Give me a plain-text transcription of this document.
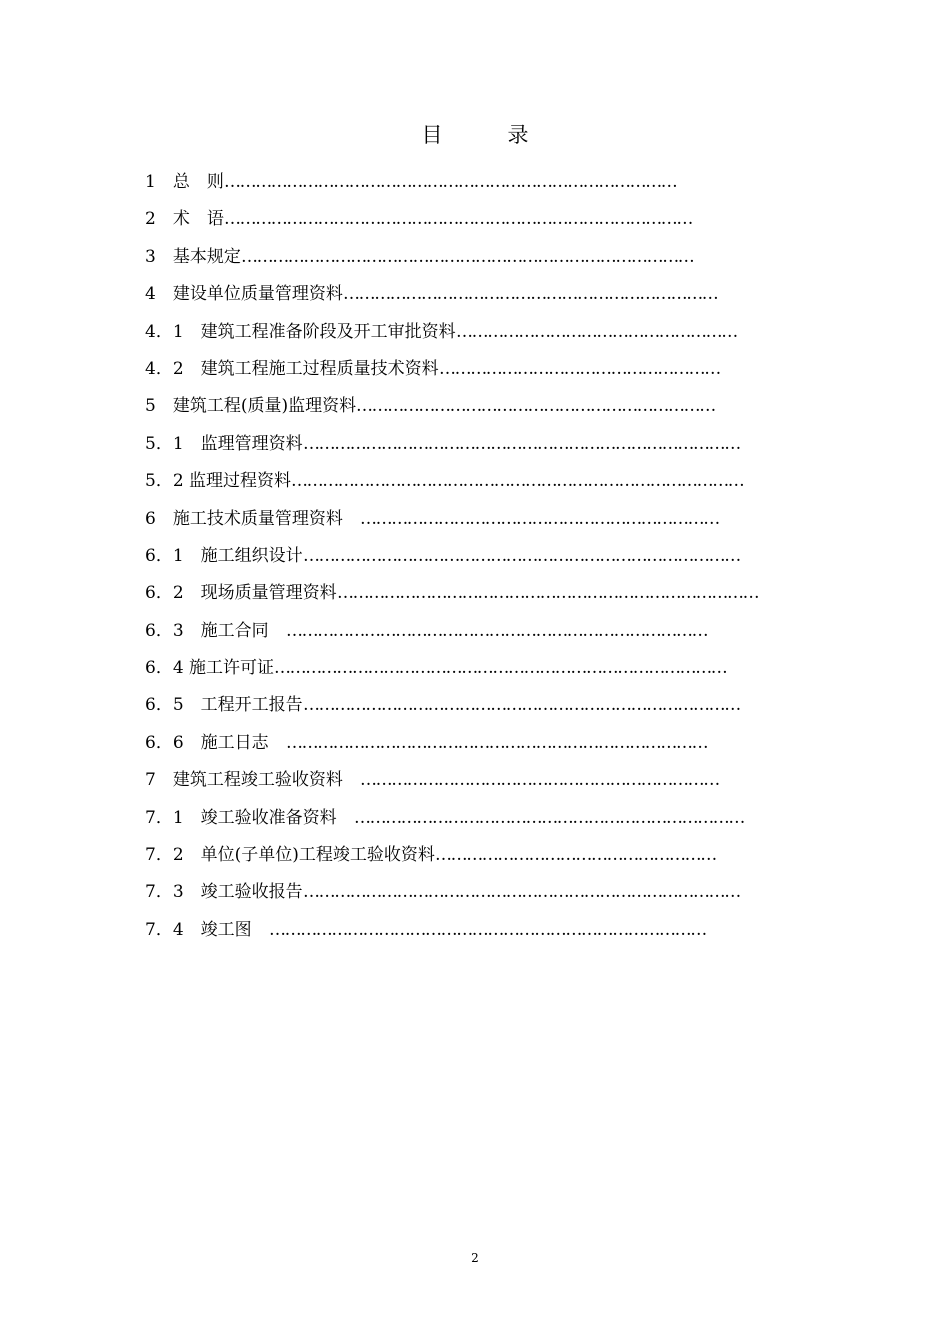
目　录
1　总　则 ……………………………………………………………………………
2　术　语 ………………………………………………………………………………
3　基本规定 ……………………………………………………………………………
4　建设单位质量管理资料 ………………………………………………………………
4．1　建筑工程准备阶段及开工审批资料 ………………………………………………
4．2　建筑工程施工过程质量技术资料 ………………………………………………
5　建筑工程(质量)监理资料 ……………………………………………………………
5．1　监理管理资料 …………………………………………………………………………
5．2 监理过程资料 ……………………………………………………………………………
6　施工技术质量管理资料　 ……………………………………………………………
6．1　施工组织设计 …………………………………………………………………………
6．2　现场质量管理资料 ………………………………………………………………………
6．3　施工合同　 ………………………………………………………………………
6．4 施工许可证 ……………………………………………………………………………
6．5　工程开工报告 …………………………………………………………………………
6．6　施工日志　 ………………………………………………………………………
7　建筑工程竣工验收资料　 ……………………………………………………………
7．1　竣工验收准备资料　 …………………………………………………………………
7．2　单位(子单位)工程竣工验收资料 ………………………………………………
7．3　竣工验收报告 …………………………………………………………………………
7．4　竣工图　 …………………………………………………………………………
2
